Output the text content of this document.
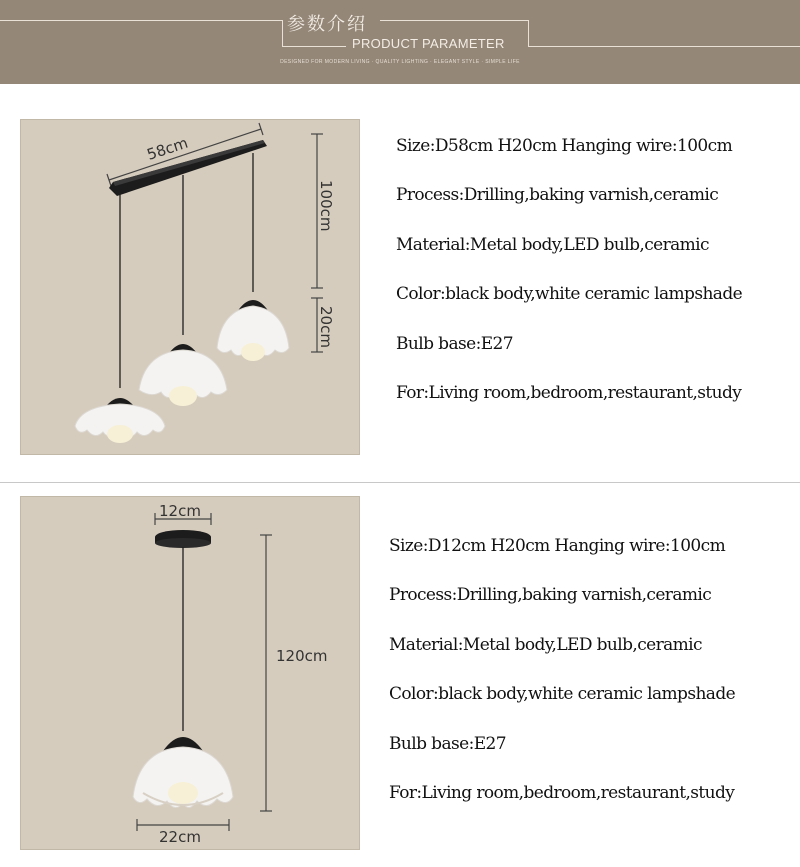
参数介绍
PRODUCT PARAMETER
DESIGNED FOR MODERN LIVING · QUALITY LIGHTING · ELEGANT STYLE · SIMPLE LIFE
58cm
100cm
20cm
Size:D58cm H20cm Hanging wire:100cm
Process:Drilling,baking varnish,ceramic
Material:Metal body,LED bulb,ceramic
Color:black body,white ceramic lampshade
Bulb base:E27
For:Living room,bedroom,restaurant,study
12cm
120cm
22cm
Size:D12cm H20cm Hanging wire:100cm
Process:Drilling,baking varnish,ceramic
Material:Metal body,LED bulb,ceramic
Color:black body,white ceramic lampshade
Bulb base:E27
For:Living room,bedroom,restaurant,study
